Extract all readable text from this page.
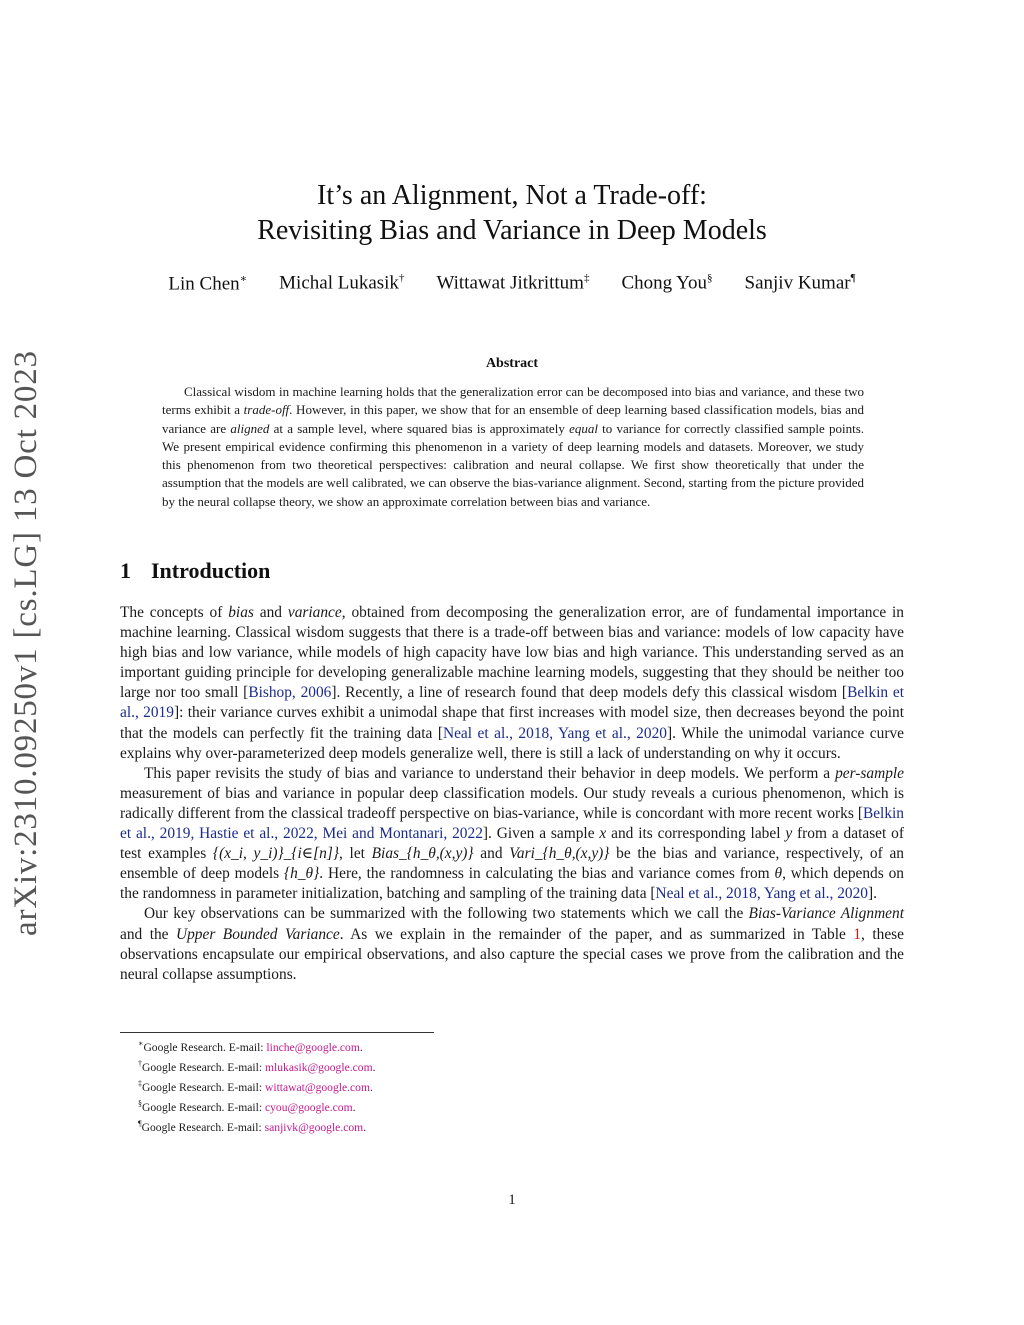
arXiv:2310.09250v1 [cs.LG] 13 Oct 2023
It’s an Alignment, Not a Trade-off:
Revisiting Bias and Variance in Deep Models
Lin Chen∗ Michal Lukasik† Wittawat Jitkrittum‡ Chong You§ Sanjiv Kumar¶
Abstract

Classical wisdom in machine learning holds that the generalization error can be decomposed into bias and variance, and these two terms exhibit a trade-off. However, in this paper, we show that for an ensemble of deep learning based classification models, bias and variance are aligned at a sample level, where squared bias is approximately equal to variance for correctly classified sample points. We present empirical evidence confirming this phenomenon in a variety of deep learning models and datasets. Moreover, we study this phenomenon from two theoretical perspectives: calibration and neural collapse. We first show theoretically that under the assumption that the models are well calibrated, we can observe the bias-variance alignment. Second, starting from the picture provided by the neural collapse theory, we show an approximate correlation between bias and variance.

1 Introduction

The concepts of bias and variance, obtained from decomposing the generalization error, are of fundamental importance in machine learning. Classical wisdom suggests that there is a trade-off between bias and variance: models of low capacity have high bias and low variance, while models of high capacity have low bias and high variance. This understanding served as an important guiding principle for developing generalizable machine learning models, suggesting that they should be neither too large nor too small [Bishop, 2006]. Recently, a line of research found that deep models defy this classical wisdom [Belkin et al., 2019]: their variance curves exhibit a unimodal shape that first increases with model size, then decreases beyond the point that the models can perfectly fit the training data [Neal et al., 2018, Yang et al., 2020]. While the unimodal variance curve explains why over-parameterized deep models generalize well, there is still a lack of understanding on why it occurs.

This paper revisits the study of bias and variance to understand their behavior in deep models. We perform a per-sample measurement of bias and variance in popular deep classification models. Our study reveals a curious phenomenon, which is radically different from the classical tradeoff perspective on bias-variance, while is concordant with more recent works [Belkin et al., 2019, Hastie et al., 2022, Mei and Montanari, 2022]. Given a sample x and its corresponding label y from a dataset of test examples {(x_i, y_i)}_{i∈[n]}, let Bias_{h_θ,(x,y)} and Vari_{h_θ,(x,y)} be the bias and variance, respectively, of an ensemble of deep models {h_θ}. Here, the randomness in calculating the bias and variance comes from θ, which depends on the randomness in parameter initialization, batching and sampling of the training data [Neal et al., 2018, Yang et al., 2020].

Our key observations can be summarized with the following two statements which we call the Bias-Variance Alignment and the Upper Bounded Variance. As we explain in the remainder of the paper, and as summarized in Table 1, these observations encapsulate our empirical observations, and also capture the special cases we prove from the calibration and the neural collapse assumptions.

∗Google Research. E-mail: linche@google.com.
†Google Research. E-mail: mlukasik@google.com.
‡Google Research. E-mail: wittawat@google.com.
§Google Research. E-mail: cyou@google.com.
¶Google Research. E-mail: sanjivk@google.com.
1
